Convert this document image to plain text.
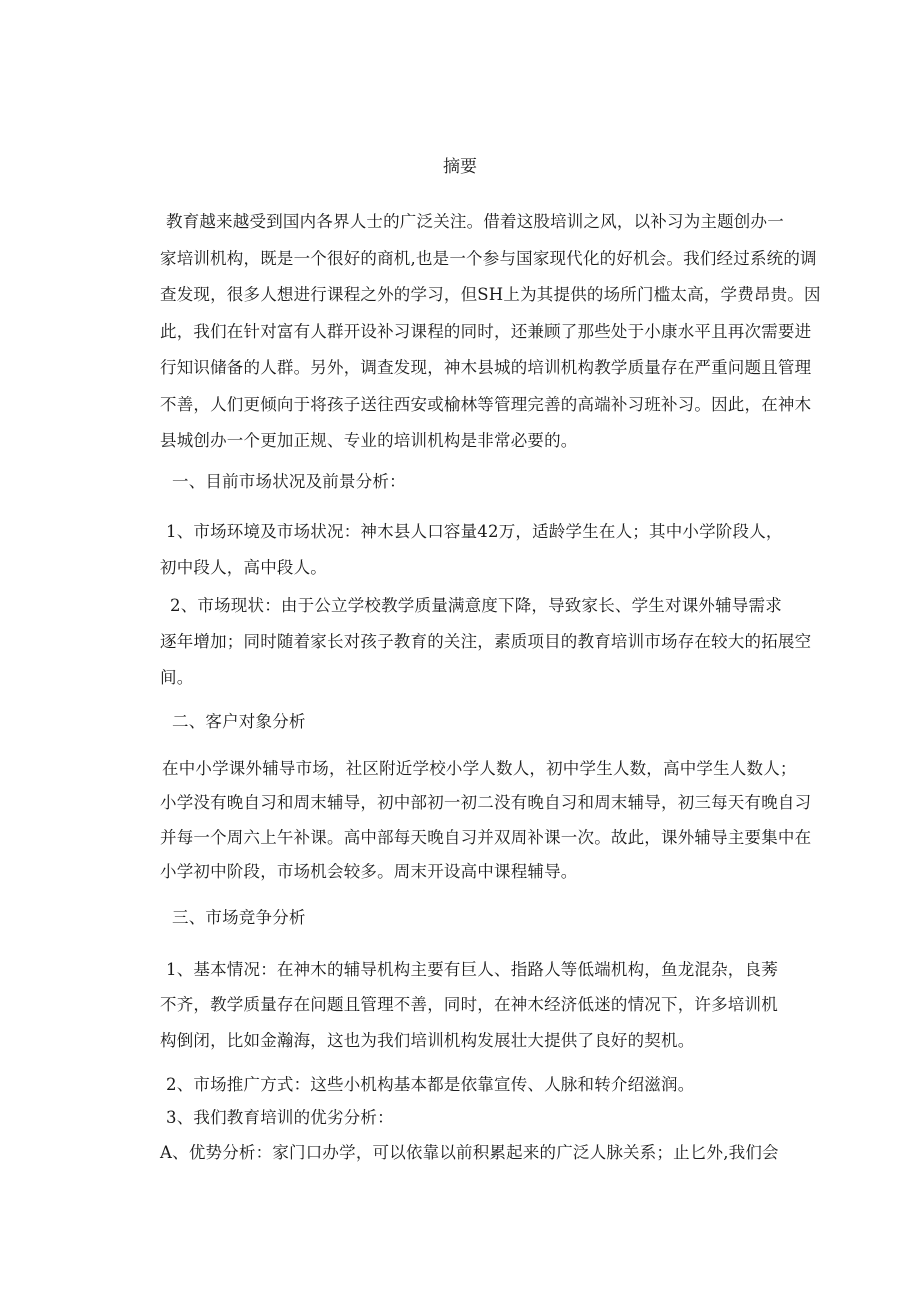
摘要
教育越来越受到国内各界人士的广泛关注。借着这股培训之风，以补习为主题创办一
家培训机构，既是一个很好的商机,也是一个参与国家现代化的好机会。我们经过系统的调
查发现，很多人想进行课程之外的学习，但SH上为其提供的场所门槛太高，学费昂贵。因
此，我们在针对富有人群开设补习课程的同时，还兼顾了那些处于小康水平且再次需要进
行知识储备的人群。另外，调查发现，神木县城的培训机构教学质量存在严重问题且管理
不善，人们更倾向于将孩子送往西安或榆林等管理完善的高端补习班补习。因此，在神木
县城创办一个更加正规、专业的培训机构是非常必要的。
一、目前市场状况及前景分析：
1、市场环境及市场状况：神木县人口容量42万，适龄学生在人；其中小学阶段人，
初中段人，高中段人。
2、市场现状：由于公立学校教学质量满意度下降，导致家长、学生对课外辅导需求
逐年增加；同时随着家长对孩子教育的关注，素质项目的教育培训市场存在较大的拓展空
间。
二、客户对象分析
在中小学课外辅导市场，社区附近学校小学人数人，初中学生人数，高中学生人数人；
小学没有晚自习和周末辅导，初中部初一初二没有晚自习和周末辅导，初三每天有晚自习
并每一个周六上午补课。高中部每天晚自习并双周补课一次。故此，课外辅导主要集中在
小学初中阶段，市场机会较多。周末开设高中课程辅导。
三、市场竞争分析
1、基本情况：在神木的辅导机构主要有巨人、指路人等低端机构，鱼龙混杂，良莠
不齐，教学质量存在问题且管理不善，同时，在神木经济低迷的情况下，许多培训机
构倒闭，比如金瀚海，这也为我们培训机构发展壮大提供了良好的契机。
2、市场推广方式：这些小机构基本都是依靠宣传、人脉和转介绍滋润。
3、我们教育培训的优劣分析：
A、优势分析：家门口办学，可以依靠以前积累起来的广泛人脉关系；止匕外,我们会
